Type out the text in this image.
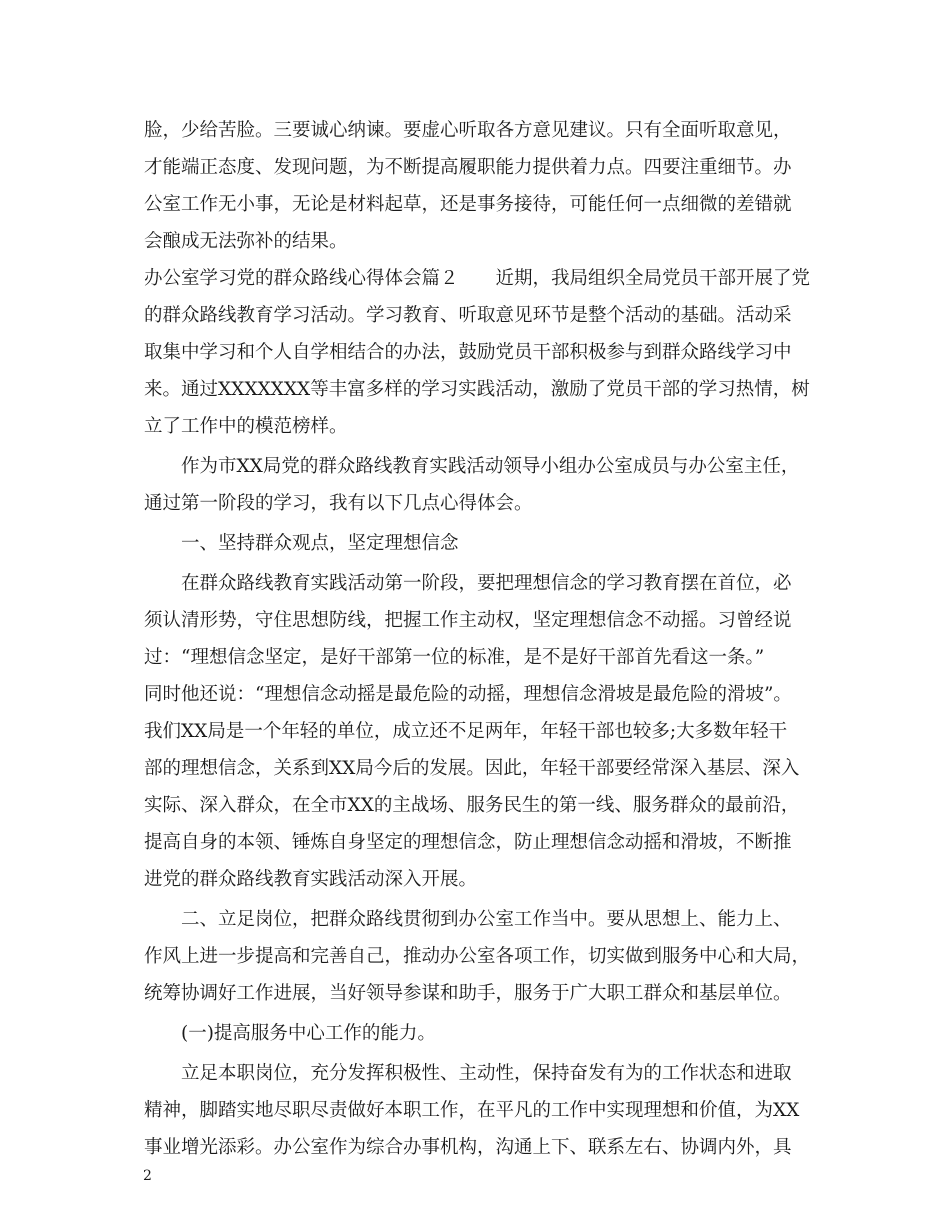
脸，少给苦脸。三要诚心纳谏。要虚心听取各方意见建议。只有全面听取意见，
才能端正态度、发现问题，为不断提高履职能力提供着力点。四要注重细节。办
公室工作无小事，无论是材料起草，还是事务接待，可能任何一点细微的差错就
会酿成无法弥补的结果。
办公室学习党的群众路线心得体会篇２　　近期，我局组织全局党员干部开展了党
的群众路线教育学习活动。学习教育、听取意见环节是整个活动的基础。活动采
取集中学习和个人自学相结合的办法，鼓励党员干部积极参与到群众路线学习中
来。通过XXXXXXX等丰富多样的学习实践活动，激励了党员干部的学习热情，树
立了工作中的模范榜样。
　　作为市XX局党的群众路线教育实践活动领导小组办公室成员与办公室主任，
通过第一阶段的学习，我有以下几点心得体会。
　　一、坚持群众观点，坚定理想信念
　　在群众路线教育实践活动第一阶段，要把理想信念的学习教育摆在首位，必
须认清形势，守住思想防线，把握工作主动权，坚定理想信念不动摇。习曾经说
过：“理想信念坚定，是好干部第一位的标准，是不是好干部首先看这一条。”
同时他还说：“理想信念动摇是最危险的动摇，理想信念滑坡是最危险的滑坡”。
我们XX局是一个年轻的单位，成立还不足两年，年轻干部也较多;大多数年轻干
部的理想信念，关系到XX局今后的发展。因此，年轻干部要经常深入基层、深入
实际、深入群众，在全市XX的主战场、服务民生的第一线、服务群众的最前沿，
提高自身的本领、锤炼自身坚定的理想信念，防止理想信念动摇和滑坡，不断推
进党的群众路线教育实践活动深入开展。
　　二、立足岗位，把群众路线贯彻到办公室工作当中。要从思想上、能力上、
作风上进一步提高和完善自己，推动办公室各项工作，切实做到服务中心和大局，
统筹协调好工作进展，当好领导参谋和助手，服务于广大职工群众和基层单位。
　　(一)提高服务中心工作的能力。
　　立足本职岗位，充分发挥积极性、主动性，保持奋发有为的工作状态和进取
精神，脚踏实地尽职尽责做好本职工作，在平凡的工作中实现理想和价值，为XX
事业增光添彩。办公室作为综合办事机构，沟通上下、联系左右、协调内外，具
2
